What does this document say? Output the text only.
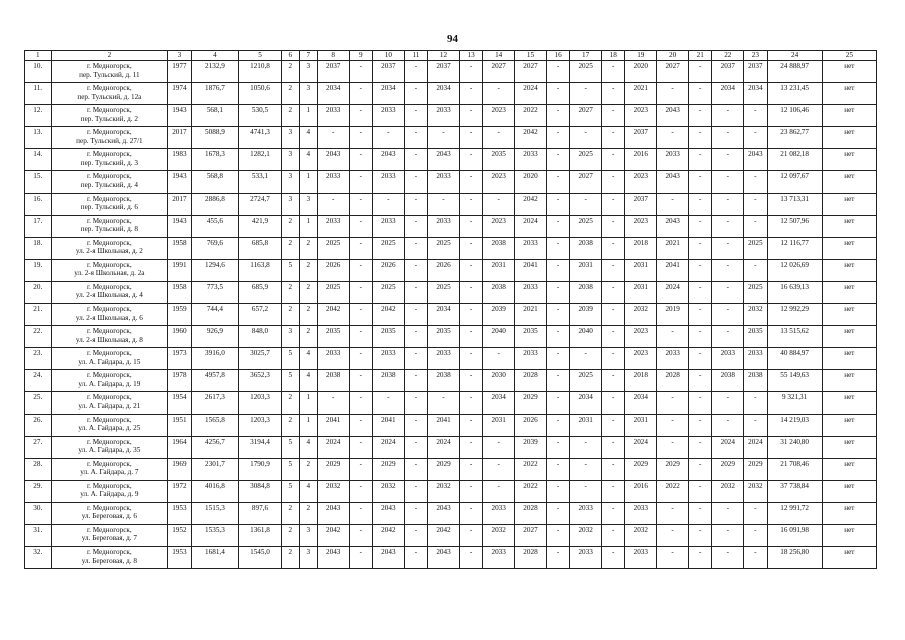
94
1	2	3	4	5	6	7	8	9	10	11	12	13	14	15	16	17	18	19	20	21	22	23	24	25
10.	г. Медногорск,
пер. Тульский, д. 11	1977	2132,9	1210,8	2	3	2037	-	2037	-	2037	-	2027	2027	-	2025	-	2020	2027	-	2037	2037	24 888,97	нет
11.	г. Медногорск,
пер. Тульский, д. 12а	1974	1876,7	1050,6	2	3	2034	-	2034	-	2034	-	-	2024	-	-	-	2021	-	-	2034	2034	13 231,45	нет
12.	г. Медногорск,
пер. Тульский, д. 2	1943	568,1	530,5	2	1	2033	-	2033	-	2033	-	2023	2022	-	2027	-	2023	2043	-	-	-	12 106,46	нет
13.	г. Медногорск,
пер. Тульский, д. 27/1	2017	5088,9	4741,3	3	4	-	-	-	-	-	-	-	2042	-	-	-	2037	-	-	-	-	23 862,77	нет
14.	г. Медногорск,
пер. Тульский, д. 3	1983	1678,3	1282,1	3	4	2043	-	2043	-	2043	-	2035	2033	-	2025	-	2016	2033	-	-	2043	21 082,18	нет
15.	г. Медногорск,
пер. Тульский, д. 4	1943	568,8	533,1	3	1	2033	-	2033	-	2033	-	2023	2020	-	2027	-	2023	2043	-	-	-	12 097,67	нет
16.	г. Медногорск,
пер. Тульский, д. 6	2017	2886,8	2724,7	3	3	-	-	-	-	-	-	-	2042	-	-	-	2037	-	-	-	-	13 713,31	нет
17.	г. Медногорск,
пер. Тульский, д. 8	1943	455,6	421,9	2	1	2033	-	2033	-	2033	-	2023	2024	-	2025	-	2023	2043	-	-	-	12 507,96	нет
18.	г. Медногорск,
ул. 2-я Школьная, д. 2	1958	769,6	685,8	2	2	2025	-	2025	-	2025	-	2038	2033	-	2038	-	2018	2021	-	-	2025	12 116,77	нет
19.	г. Медногорск,
ул. 2-я Школьная, д. 2а	1991	1294,6	1163,8	5	2	2026	-	2026	-	2026	-	2031	2041	-	2031	-	2031	2041	-	-	-	12 026,69	нет
20.	г. Медногорск,
ул. 2-я Школьная, д. 4	1958	773,5	685,9	2	2	2025	-	2025	-	2025	-	2038	2033	-	2038	-	2031	2024	-	-	2025	16 639,13	нет
21.	г. Медногорск,
ул. 2-я Школьная, д. 6	1959	744,4	657,2	2	2	2042	-	2042	-	2034	-	2039	2021	-	2039	-	2032	2019	-	-	2032	12 992,29	нет
22.	г. Медногорск,
ул. 2-я Школьная, д. 8	1960	926,9	848,0	3	2	2035	-	2035	-	2035	-	2040	2035	-	2040	-	2023	-	-	-	2035	13 515,62	нет
23.	г. Медногорск,
ул. А. Гайдара, д. 15	1973	3916,0	3025,7	5	4	2033	-	2033	-	2033	-	-	2033	-	-	-	2023	2033	-	2033	2033	40 884,97	нет
24.	г. Медногорск,
ул. А. Гайдара, д. 19	1978	4957,8	3652,3	5	4	2038	-	2038	-	2038	-	2030	2028	-	2025	-	2018	2028	-	2038	2038	55 149,63	нет
25.	г. Медногорск,
ул. А. Гайдара, д. 21	1954	2617,3	1203,3	2	1	-	-	-	-	-	-	2034	2029	-	2034	-	2034	-	-	-	-	9 321,31	нет
26.	г. Медногорск,
ул. А. Гайдара, д. 25	1951	1565,8	1203,3	2	1	2041	-	2041	-	2041	-	2031	2026	-	2031	-	2031	-	-	-	-	14 219,03	нет
27.	г. Медногорск,
ул. А. Гайдара, д. 35	1964	4256,7	3194,4	5	4	2024	-	2024	-	2024	-	-	2039	-	-	-	2024	-	-	2024	2024	31 240,80	нет
28.	г. Медногорск,
ул. А. Гайдара, д. 7	1969	2301,7	1790,9	5	2	2029	-	2029	-	2029	-	-	2022	-	-	-	2029	2029	-	2029	2029	21 708,46	нет
29.	г. Медногорск,
ул. А. Гайдара, д. 9	1972	4016,8	3084,8	5	4	2032	-	2032	-	2032	-	-	2022	-	-	-	2016	2022	-	2032	2032	37 738,84	нет
30.	г. Медногорск,
ул. Береговая, д. 6	1953	1515,3	897,6	2	2	2043	-	2043	-	2043	-	2033	2028	-	2033	-	2033	-	-	-	-	12 991,72	нет
31.	г. Медногорск,
ул. Береговая, д. 7	1952	1535,3	1361,8	2	3	2042	-	2042	-	2042	-	2032	2027	-	2032	-	2032	-	-	-	-	16 091,98	нет
32.	г. Медногорск,
ул. Береговая, д. 8	1953	1681,4	1545,0	2	3	2043	-	2043	-	2043	-	2033	2028	-	2033	-	2033	-	-	-	-	18 256,80	нет
